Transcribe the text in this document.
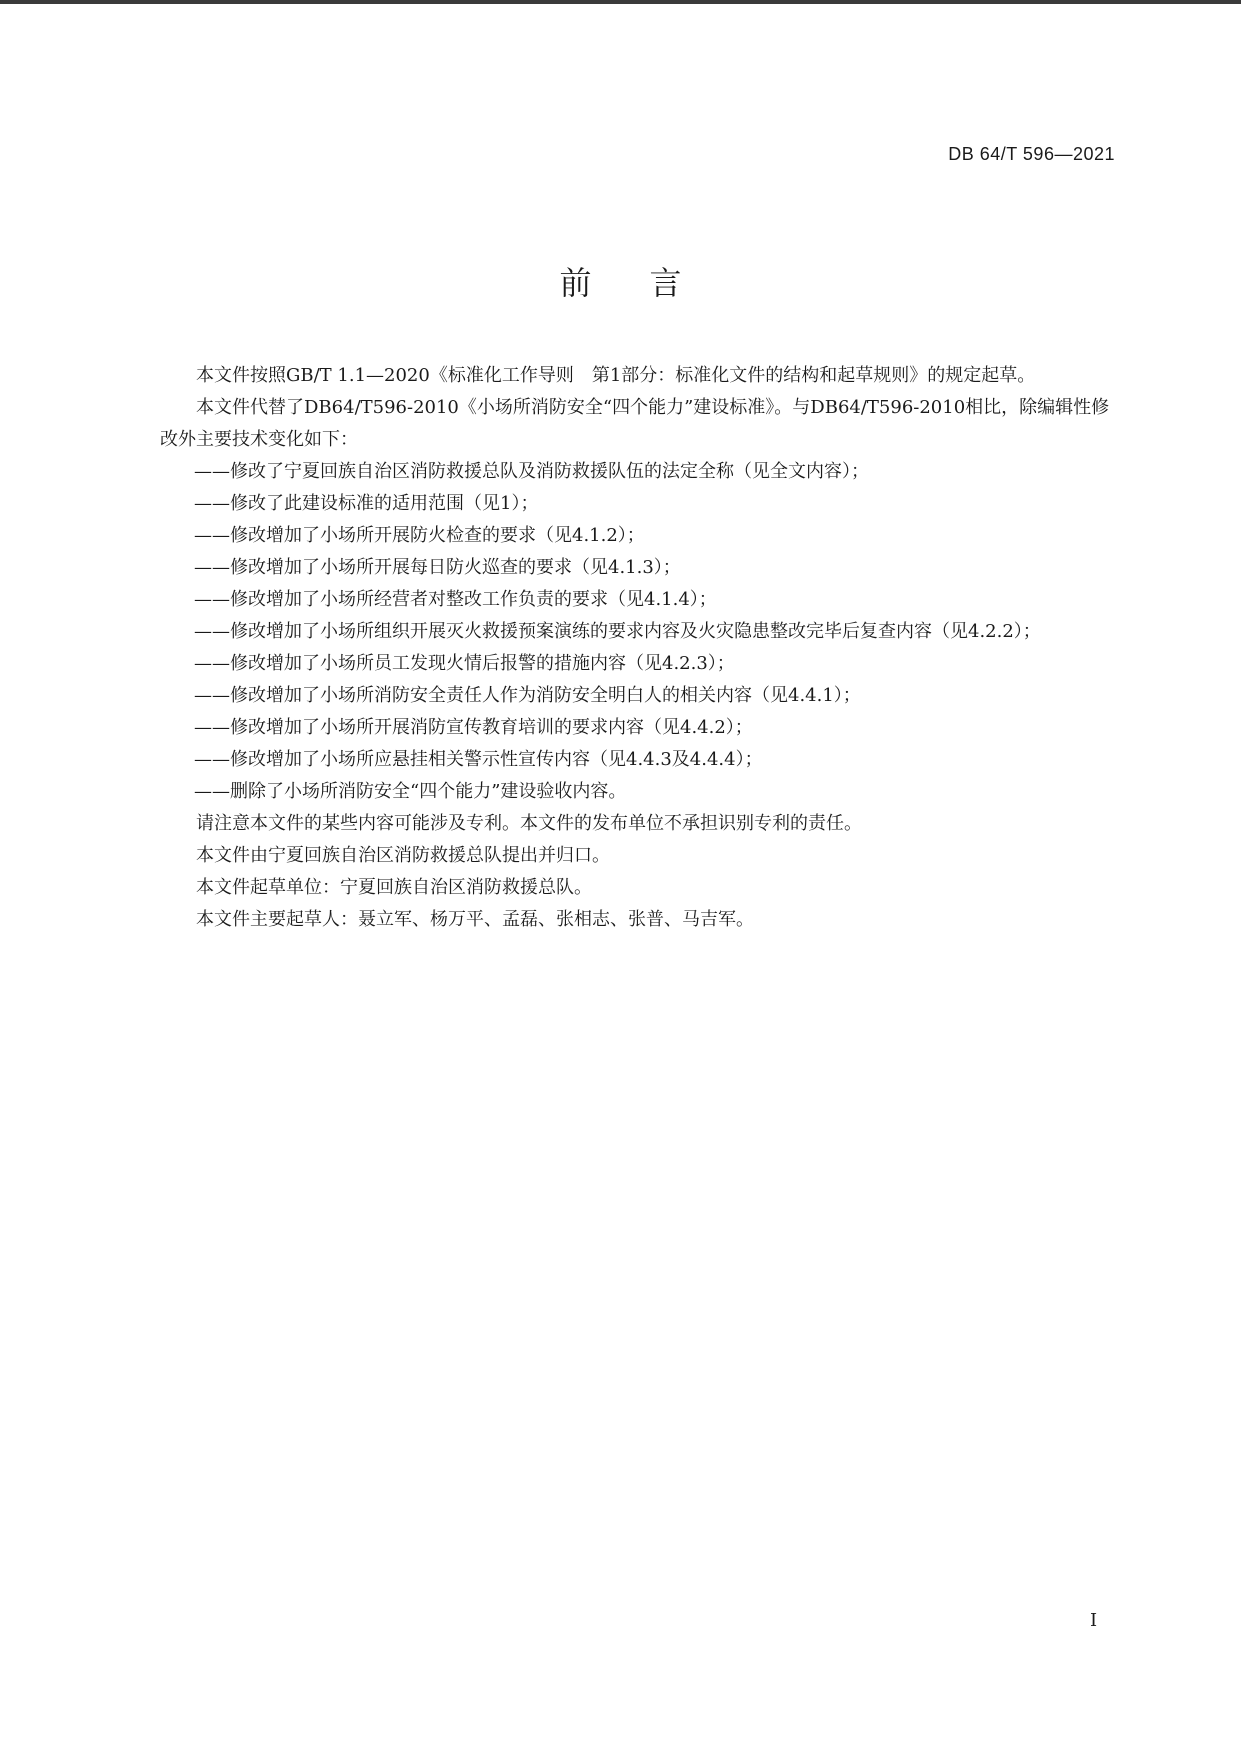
DB 64/T 596—2021
前言

本文件按照GB/T 1.1—2020《标准化工作导则　第1部分：标准化文件的结构和起草规则》的规定起草。

本文件代替了DB64/T596-2010《小场所消防安全“四个能力”建设标准》。与DB64/T596-2010相比，除编辑性修改外主要技术变化如下：

——修改了宁夏回族自治区消防救援总队及消防救援队伍的法定全称（见全文内容）；

——修改了此建设标准的适用范围（见1）；

——修改增加了小场所开展防火检查的要求（见4.1.2）；

——修改增加了小场所开展每日防火巡查的要求（见4.1.3）；

——修改增加了小场所经营者对整改工作负责的要求（见4.1.4）；

——修改增加了小场所组织开展灭火救援预案演练的要求内容及火灾隐患整改完毕后复查内容（见4.2.2）；

——修改增加了小场所员工发现火情后报警的措施内容（见4.2.3）；

——修改增加了小场所消防安全责任人作为消防安全明白人的相关内容（见4.4.1）；

——修改增加了小场所开展消防宣传教育培训的要求内容（见4.4.2）；

——修改增加了小场所应悬挂相关警示性宣传内容（见4.4.3及4.4.4）；

——删除了小场所消防安全“四个能力”建设验收内容。

请注意本文件的某些内容可能涉及专利。本文件的发布单位不承担识别专利的责任。

本文件由宁夏回族自治区消防救援总队提出并归口。

本文件起草单位：宁夏回族自治区消防救援总队。

本文件主要起草人：聂立军、杨万平、孟磊、张相志、张普、马吉军。

I
